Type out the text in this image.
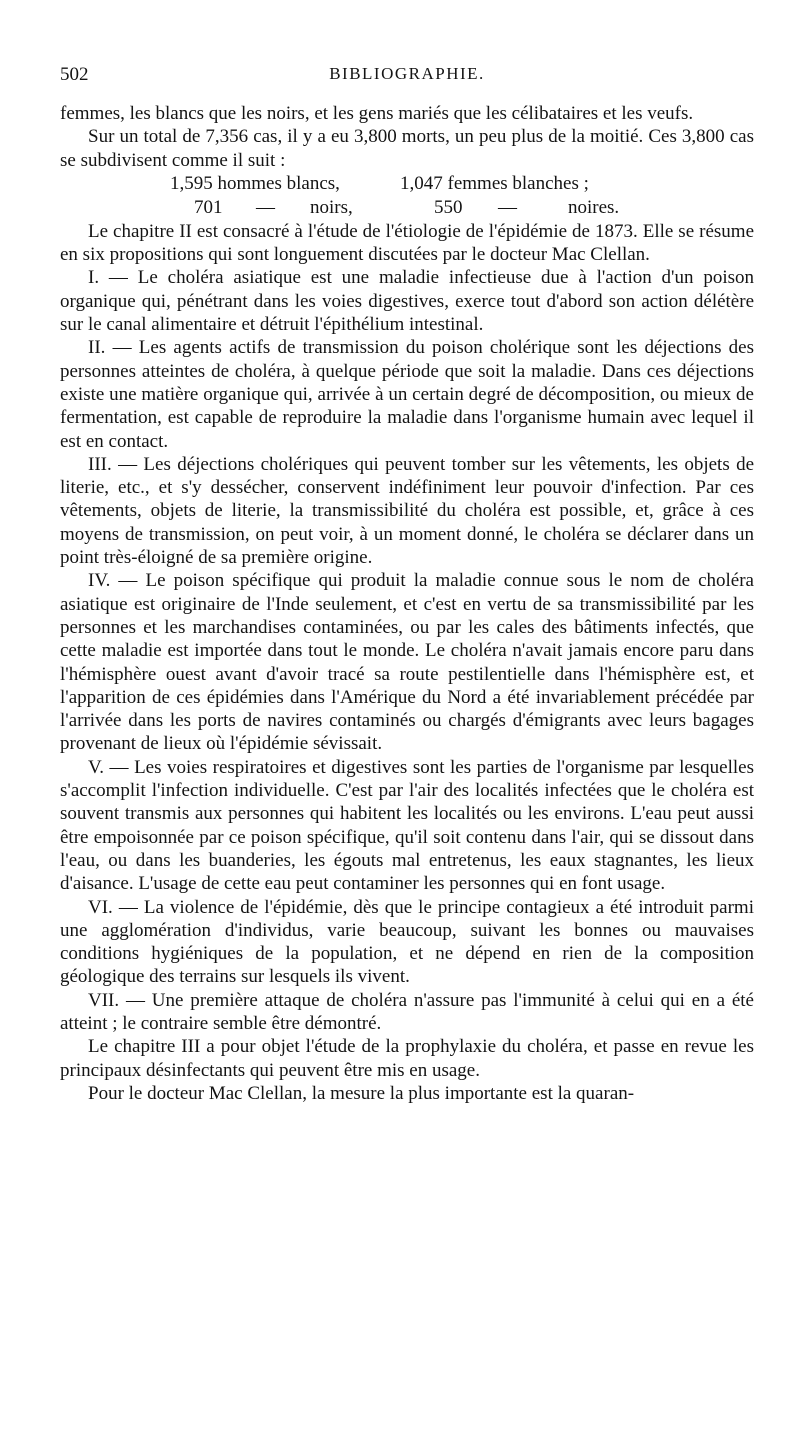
502	BIBLIOGRAPHIE.

femmes, les blancs que les noirs, et les gens mariés que les célibataires et les veufs.

Sur un total de 7,356 cas, il y a eu 3,800 morts, un peu plus de la moitié. Ces 3,800 cas se subdivisent comme il suit :

1,595 hommes blancs,	1,047 femmes blanches ;
701 — noirs,	550 —	noires.

Le chapitre II est consacré à l'étude de l'étiologie de l'épidémie de 1873. Elle se résume en six propositions qui sont longuement discutées par le docteur Mac Clellan.

I. — Le choléra asiatique est une maladie infectieuse due à l'action d'un poison organique qui, pénétrant dans les voies digestives, exerce tout d'abord son action délétère sur le canal alimentaire et détruit l'épithélium intestinal.

II. — Les agents actifs de transmission du poison cholérique sont les déjections des personnes atteintes de choléra, à quelque période que soit la maladie. Dans ces déjections existe une matière organique qui, arrivée à un certain degré de décomposition, ou mieux de fermentation, est capable de reproduire la maladie dans l'organisme humain avec lequel il est en contact.

III. — Les déjections cholériques qui peuvent tomber sur les vêtements, les objets de literie, etc., et s'y dessécher, conservent indéfiniment leur pouvoir d'infection. Par ces vêtements, objets de literie, la transmissibilité du choléra est possible, et, grâce à ces moyens de transmission, on peut voir, à un moment donné, le choléra se déclarer dans un point très-éloigné de sa première origine.

IV. — Le poison spécifique qui produit la maladie connue sous le nom de choléra asiatique est originaire de l'Inde seulement, et c'est en vertu de sa transmissibilité par les personnes et les marchandises contaminées, ou par les cales des bâtiments infectés, que cette maladie est importée dans tout le monde. Le choléra n'avait jamais encore paru dans l'hémisphère ouest avant d'avoir tracé sa route pestilentielle dans l'hémisphère est, et l'apparition de ces épidémies dans l'Amérique du Nord a été invariablement précédée par l'arrivée dans les ports de navires contaminés ou chargés d'émigrants avec leurs bagages provenant de lieux où l'épidémie sévissait.

V. — Les voies respiratoires et digestives sont les parties de l'organisme par lesquelles s'accomplit l'infection individuelle. C'est par l'air des localités infectées que le choléra est souvent transmis aux personnes qui habitent les localités ou les environs. L'eau peut aussi être empoisonnée par ce poison spécifique, qu'il soit contenu dans l'air, qui se dissout dans l'eau, ou dans les buanderies, les égouts mal entretenus, les eaux stagnantes, les lieux d'aisance. L'usage de cette eau peut contaminer les personnes qui en font usage.

VI. — La violence de l'épidémie, dès que le principe contagieux a été introduit parmi une agglomération d'individus, varie beaucoup, suivant les bonnes ou mauvaises conditions hygiéniques de la population, et ne dépend en rien de la composition géologique des terrains sur lesquels ils vivent.

VII. — Une première attaque de choléra n'assure pas l'immunité à celui qui en a été atteint ; le contraire semble être démontré.

Le chapitre III a pour objet l'étude de la prophylaxie du choléra, et passe en revue les principaux désinfectants qui peuvent être mis en usage.

Pour le docteur Mac Clellan, la mesure la plus importante est la quaran-
